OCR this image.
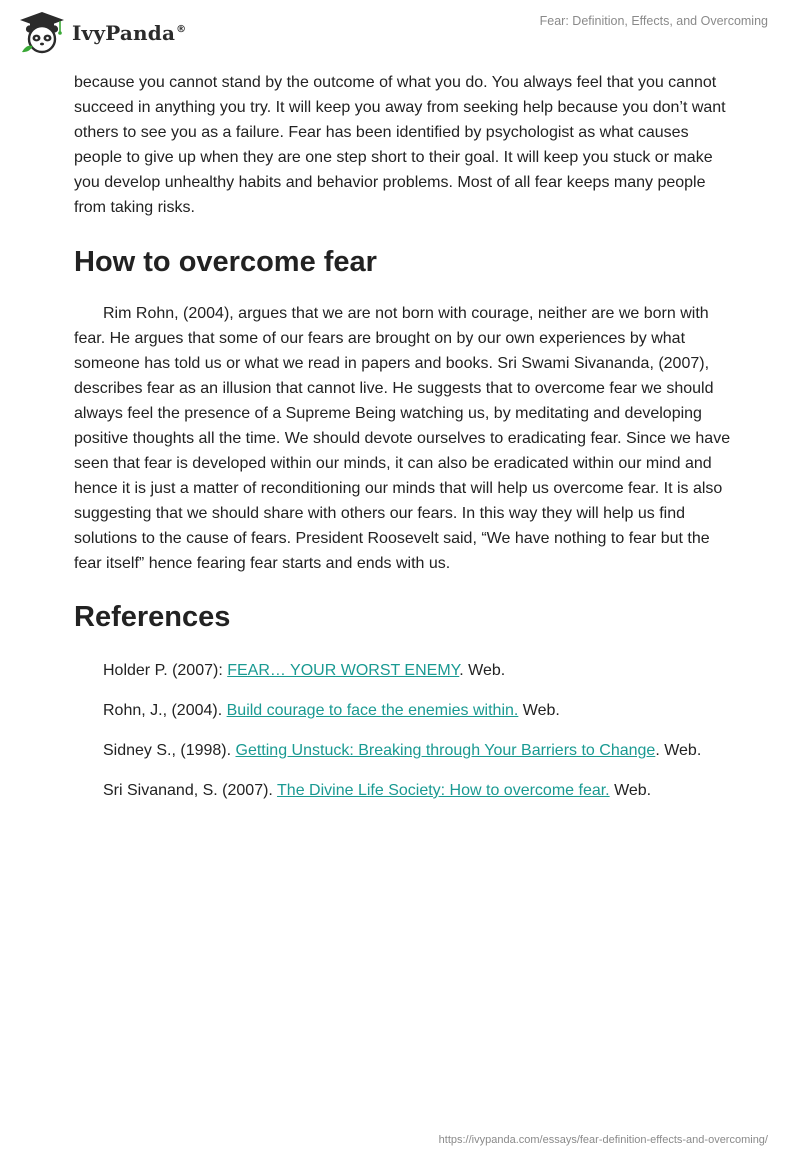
IvyPanda®
Fear: Definition, Effects, and Overcoming

because you cannot stand by the outcome of what you do. You always feel that you cannot succeed in anything you try. It will keep you away from seeking help because you don’t want others to see you as a failure. Fear has been identified by psychologist as what causes people to give up when they are one step short to their goal. It will keep you stuck or make you develop unhealthy habits and behavior problems. Most of all fear keeps many people from taking risks.

How to overcome fear

Rim Rohn, (2004), argues that we are not born with courage, neither are we born with fear. He argues that some of our fears are brought on by our own experiences by what someone has told us or what we read in papers and books. Sri Swami Sivananda, (2007), describes fear as an illusion that cannot live. He suggests that to overcome fear we should always feel the presence of a Supreme Being watching us, by meditating and developing positive thoughts all the time. We should devote ourselves to eradicating fear. Since we have seen that fear is developed within our minds, it can also be eradicated within our mind and hence it is just a matter of reconditioning our minds that will help us overcome fear. It is also suggesting that we should share with others our fears. In this way they will help us find solutions to the cause of fears. President Roosevelt said, “We have nothing to fear but the fear itself” hence fearing fear starts and ends with us.

References

Holder P. (2007): FEAR… YOUR WORST ENEMY. Web.

Rohn, J., (2004). Build courage to face the enemies within. Web.

Sidney S., (1998). Getting Unstuck: Breaking through Your Barriers to Change. Web.

Sri Sivanand, S. (2007). The Divine Life Society: How to overcome fear. Web.

https://ivypanda.com/essays/fear-definition-effects-and-overcoming/
